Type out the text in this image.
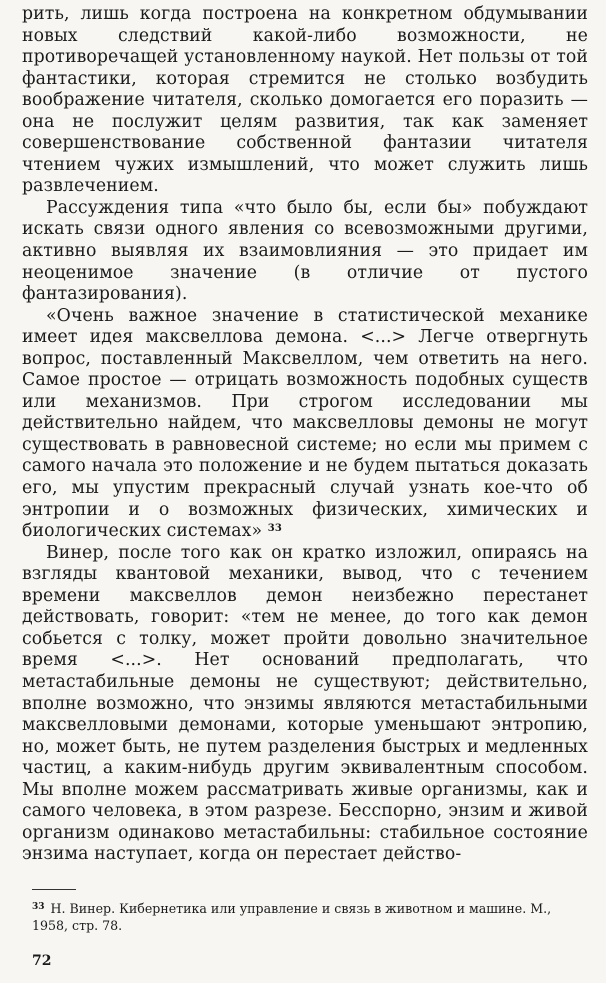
рить, лишь когда построена на конкретном обдумывании новых следствий какой-либо возможности, не противоречащей установленному наукой. Нет пользы от той фантастики, которая стремится не столько возбудить воображение читателя, сколько домогается его поразить — она не послужит целям развития, так как заменяет совершенствование собственной фантазии читателя чтением чужих измышлений, что может служить лишь развлечением.

Рассуждения типа «что было бы, если бы» побуждают искать связи одного явления со всевозможными другими, активно выявляя их взаимовлияния — это придает им неоценимое значение (в отличие от пустого фантазирования).

«Очень важное значение в статистической механике имеет идея максвеллова демона. <...> Легче отвергнуть вопрос, поставленный Максвеллом, чем ответить на него. Самое простое — отрицать возможность подобных существ или механизмов. При строгом исследовании мы действительно найдем, что максвелловы демоны не могут существовать в равновесной системе; но если мы примем с самого начала это положение и не будем пытаться доказать его, мы упустим прекрасный случай узнать кое-что об энтропии и о возможных физических, химических и биологических системах» $^{33}$

Винер, после того как он кратко изложил, опираясь на взгляды квантовой механики, вывод, что с течением времени максвеллов демон неизбежно перестанет действовать, говорит: «тем не менее, до того как демон собьется с толку, может пройти довольно значительное время <...>. Нет оснований предполагать, что метастабильные демоны не существуют; действительно, вполне возможно, что энзимы являются метастабильными максвелловыми демонами, которые уменьшают энтропию, но, может быть, не путем разделения быстрых и медленных частиц, а каким-нибудь другим эквивалентным способом. Мы вполне можем рассматривать живые организмы, как и самого человека, в этом разрезе. Бесспорно, энзим и живой организм одинаково метастабильны: стабильное состояние энзима наступает, когда он перестает действо-

$^{33}$ Н. Винер. Кибернетика или управление и связь в животном и машине. М., 1958, стр. 78.
72
